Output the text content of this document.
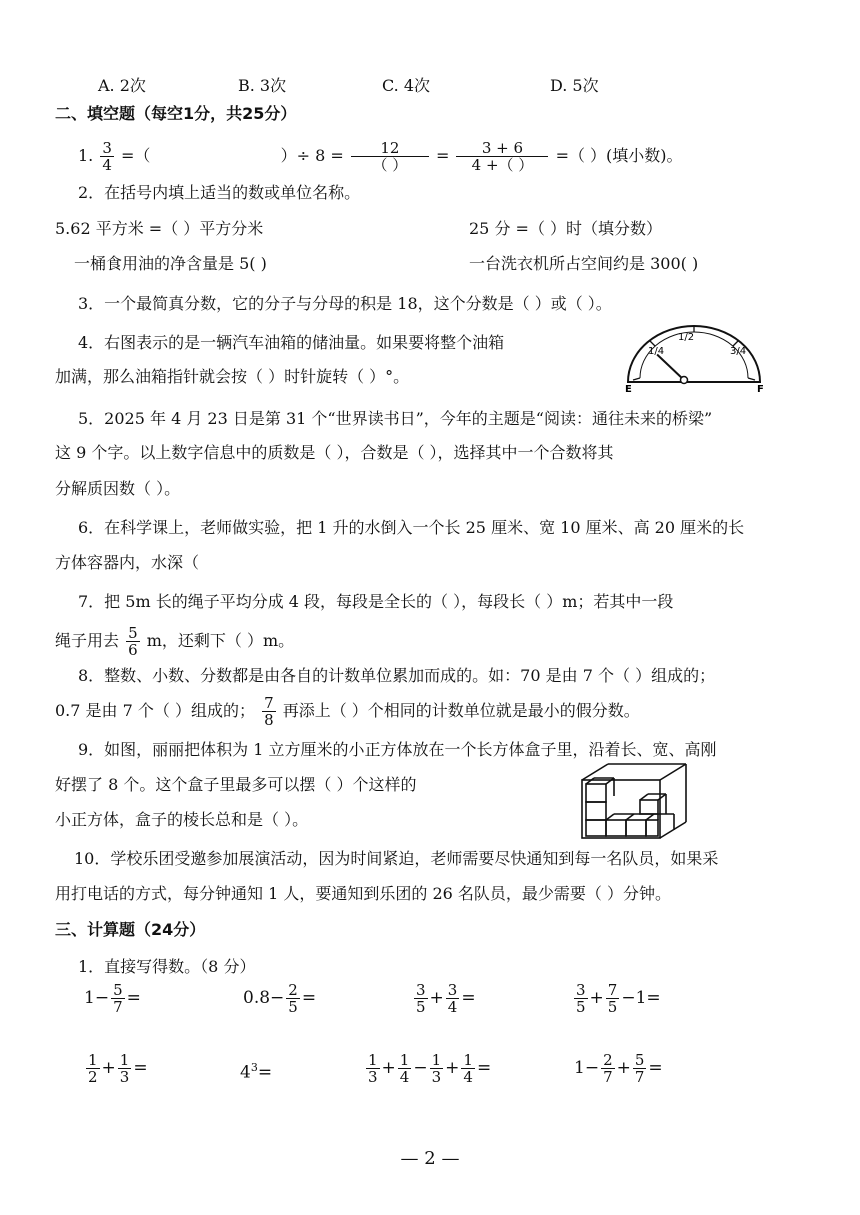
A. 2次	B. 3次	C. 4次	D. 5次
二、填空题（每空1分，共25分）
1. $\frac{3}{4}$ =（	）÷ $8 = \frac{12}{( )} = \frac{3 + 6}{4 +( )}$ =（ ）(填小数)。
2．在括号内填上适当的数或单位名称。
5.62 平方米 =（ ）平方分米	25 分 =（ ）时（填分数）
一桶食用油的净含量是 5( )	一台洗衣机所占空间约是 300( )
3．一个最简真分数，它的分子与分母的积是 18，这个分数是（ ）或（ ）。
4．右图表示的是一辆汽车油箱的储油量。如果要将整个油箱
加满，那么油箱指针就会按（ ）时针旋转（ ）°。
1/4
1/2
3/4
E	F
5．2025 年 4 月 23 日是第 31 个“世界读书日”，今年的主题是“阅读：通往未来的桥梁”
这 9 个字。以上数字信息中的质数是（ ），合数是（ ），选择其中一个合数将其
分解质因数（ ）。
6．在科学课上，老师做实验，把 1 升的水倒入一个长 25 厘米、宽 10 厘米、高 20 厘米的长
方体容器内，水深（
7．把 5m 长的绳子平均分成 4 段，每段是全长的（ ），每段长（ ）m；若其中一段
绳子用去 $\frac{5}{6}$ m，还剩下（ ）m。
8．整数、小数、分数都是由各自的计数单位累加而成的。如：70 是由 7 个（ ）组成的；
0.7 是由 7 个（ ）组成的； $\frac{7}{8}$ 再添上（ ）个相同的计数单位就是最小的假分数。
9．如图，丽丽把体积为 1 立方厘米的小正方体放在一个长方体盒子里，沿着长、宽、高刚
好摆了 8 个。这个盒子里最多可以摆（ ）个这样的
小正方体，盒子的棱长总和是（ ）。
10．学校乐团受邀参加展演活动，因为时间紧迫，老师需要尽快通知到每一名队员，如果采
用打电话的方式，每分钟通知 1 人，要通知到乐团的 26 名队员，最少需要（ ）分钟。
三、计算题（24分）
1．直接写得数。（8 分）
$1- \frac{5}{7}$ =	$0.8- \frac{2}{5}$ =	$\frac{3}{5} + \frac{3}{4}$ =	$\frac{3}{5} + \frac{7}{5} -1=$
$\frac{1}{2} + \frac{1}{3}$ =	$4^3=$	$\frac{1}{3} + \frac{1}{4} - \frac{1}{3} + \frac{1}{4}$ =	$1- \frac{2}{7} + \frac{5}{7}$ =
— 2 —
